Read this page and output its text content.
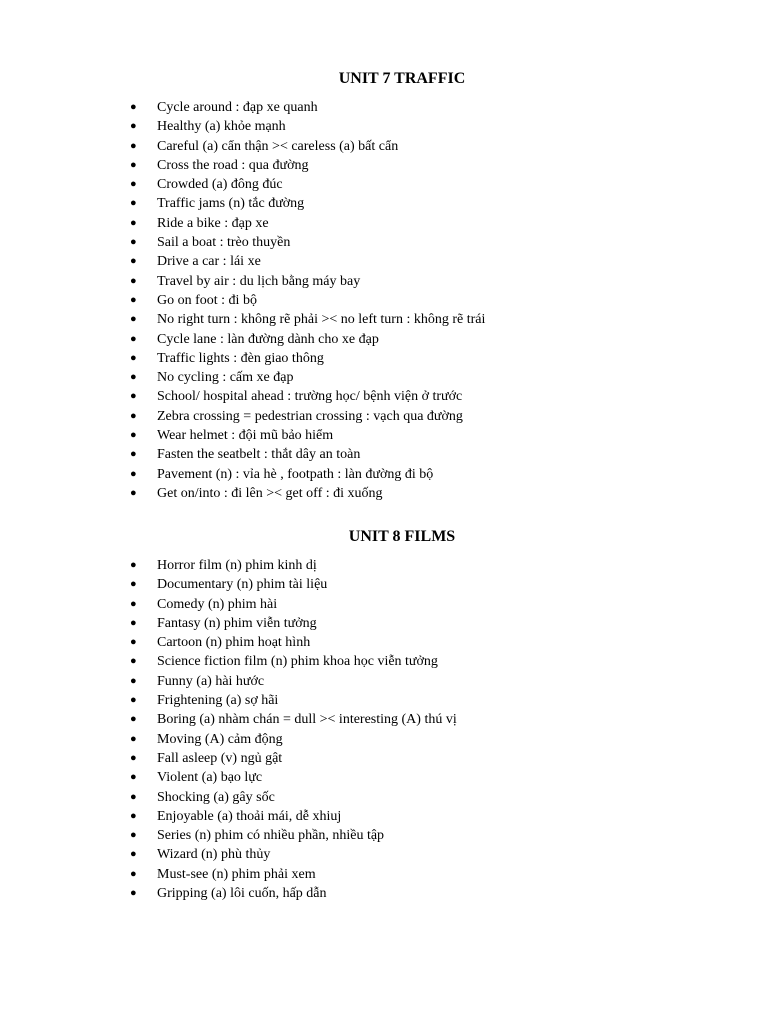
UNIT 7 TRAFFIC
● Cycle around : đạp xe quanh
● Healthy (a) khỏe mạnh
● Careful (a) cẩn thận >< careless (a) bất cẩn
● Cross the road : qua đường
● Crowded (a) đông đúc
● Traffic jams (n) tắc đường
● Ride a bike : đạp xe
● Sail a boat : trèo thuyền
● Drive a car : lái xe
● Travel by air : du lịch bằng máy bay
● Go on foot : đi bộ
● No right turn : không rẽ phải >< no left turn : không rẽ trái
● Cycle lane : làn đường dành cho xe đạp
● Traffic lights : đèn giao thông
● No cycling : cấm xe đạp
● School/ hospital ahead : trường học/ bệnh viện ở trước
● Zebra crossing = pedestrian crossing : vạch qua đường
● Wear helmet : đội mũ bảo hiểm
● Fasten the seatbelt : thắt dây an toàn
● Pavement (n) : vỉa hè , footpath : làn đường đi bộ
● Get on/into : đi lên >< get off : đi xuống
UNIT 8 FILMS
● Horror film (n) phim kinh dị
● Documentary (n) phim tài liệu
● Comedy (n) phim hài
● Fantasy (n) phim viễn tưởng
● Cartoon (n) phim hoạt hình
● Science fiction film (n) phim khoa học viễn tưởng
● Funny (a) hài hước
● Frightening (a) sợ hãi
● Boring (a) nhàm chán = dull >< interesting (A) thú vị
● Moving (A) cảm động
● Fall asleep (v) ngủ gật
● Violent (a) bạo lực
● Shocking (a) gây sốc
● Enjoyable (a) thoải mái, dễ xhiuj
● Series (n) phim có nhiều phần, nhiều tập
● Wizard (n) phù thủy
● Must-see (n) phim phải xem
● Gripping (a) lôi cuốn, hấp dẫn
